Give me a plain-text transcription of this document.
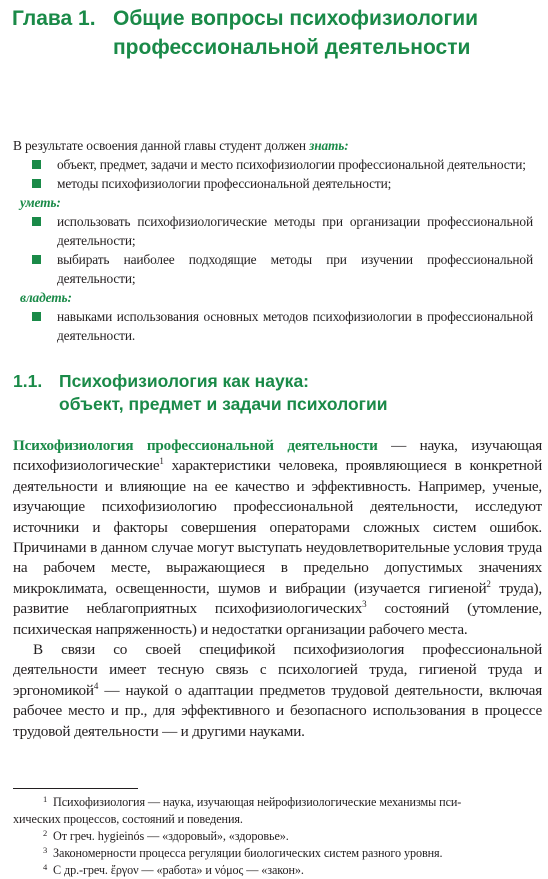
Глава 1. Общие вопросы психофизиологии
профессиональной деятельности
В результате освоения данной главы студент должен знать:

объект, предмет, задачи и место психофизиологии профессиональной деятельности;

методы психофизиологии профессиональной деятельности;

уметь:

использовать психофизиологические методы при организации профессиональной деятельности;

выбирать наиболее подходящие методы при изучении профессиональной деятельности;

владеть:

навыками использования основных методов психофизиологии в профессиональной деятельности.

1.1. Психофизиология как наука:
объект, предмет и задачи психологии

Психофизиология профессиональной деятельности — наука, изучающая психофизиологические$^1$ характеристики человека, проявляющиеся в конкретной деятельности и влияющие на ее качество и эффективность. Например, ученые, изучающие психофизиологию профессиональной деятельности, исследуют источники и факторы совершения операторами сложных систем ошибок. Причинами в данном случае могут выступать неудовлетворительные условия труда на рабочем месте, выражающиеся в предельно допустимых значениях микроклимата, освещенности, шумов и вибрации (изучается гигиеной$^2$ труда), развитие неблагоприятных психофизиологических$^3$ состояний (утомление, психическая напряженность) и недостатки организации рабочего места.

В связи со своей спецификой психофизиология профессиональной деятельности имеет тесную связь с психологией труда, гигиеной труда и эргономикой$^4$ — наукой о адаптации предметов трудовой деятельности, включая рабочее место и пр., для эффективного и безопасного использования в процессе трудовой деятельности — и другими науками.

1 Психофизиология — наука, изучающая нейрофизиологические механизмы пси-
хических процессов, состояний и поведения.
2 От греч. hygieinós — «здоровый», «здоровье».
3 Закономерности процесса регуляции биологических систем разного уровня.
4 С др.-греч. ἔργον — «работа» и νόμος — «закон».
